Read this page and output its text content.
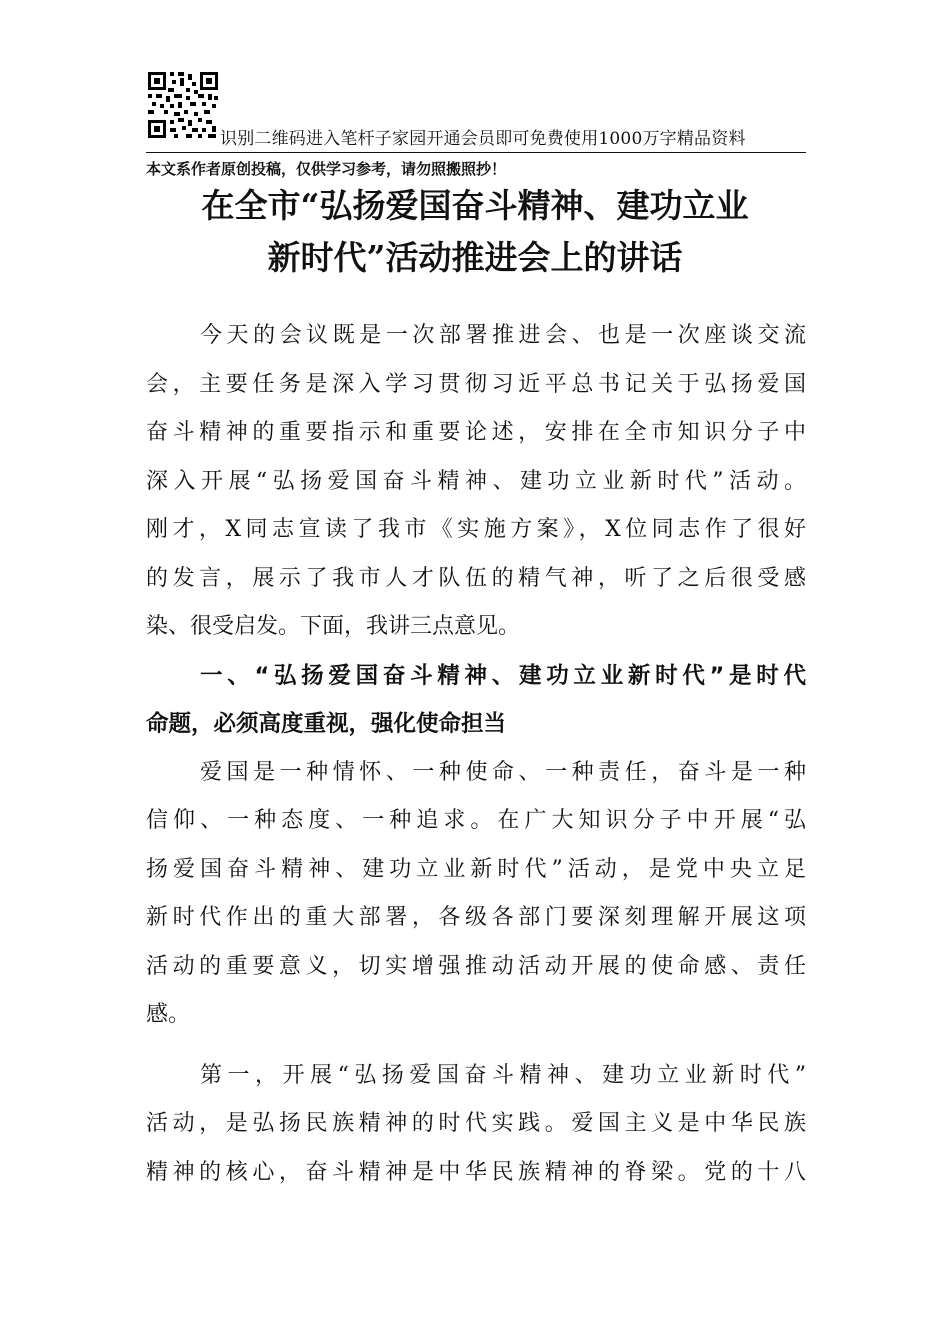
识别二维码进入笔杆子家园开通会员即可免费使用1000万字精品资料
本文系作者原创投稿，仅供学习参考，请勿照搬照抄！
在全市“弘扬爱国奋斗精神、建功立业
新时代”活动推进会上的讲话
今天的会议既是一次部署推进会、也是一次座谈交流
会，主要任务是深入学习贯彻习近平总书记关于弘扬爱国
奋斗精神的重要指示和重要论述，安排在全市知识分子中
深入开展“弘扬爱国奋斗精神、建功立业新时代”活动。
刚才，X同志宣读了我市《实施方案》，X位同志作了很好
的发言，展示了我市人才队伍的精气神，听了之后很受感
染、很受启发。下面，我讲三点意见。
一、“弘扬爱国奋斗精神、建功立业新时代”是时代
命题，必须高度重视，强化使命担当
爱国是一种情怀、一种使命、一种责任，奋斗是一种
信仰、一种态度、一种追求。在广大知识分子中开展“弘
扬爱国奋斗精神、建功立业新时代”活动，是党中央立足
新时代作出的重大部署，各级各部门要深刻理解开展这项
活动的重要意义，切实增强推动活动开展的使命感、责任
感。
第一，开展“弘扬爱国奋斗精神、建功立业新时代”
活动，是弘扬民族精神的时代实践。爱国主义是中华民族
精神的核心，奋斗精神是中华民族精神的脊梁。党的十八
